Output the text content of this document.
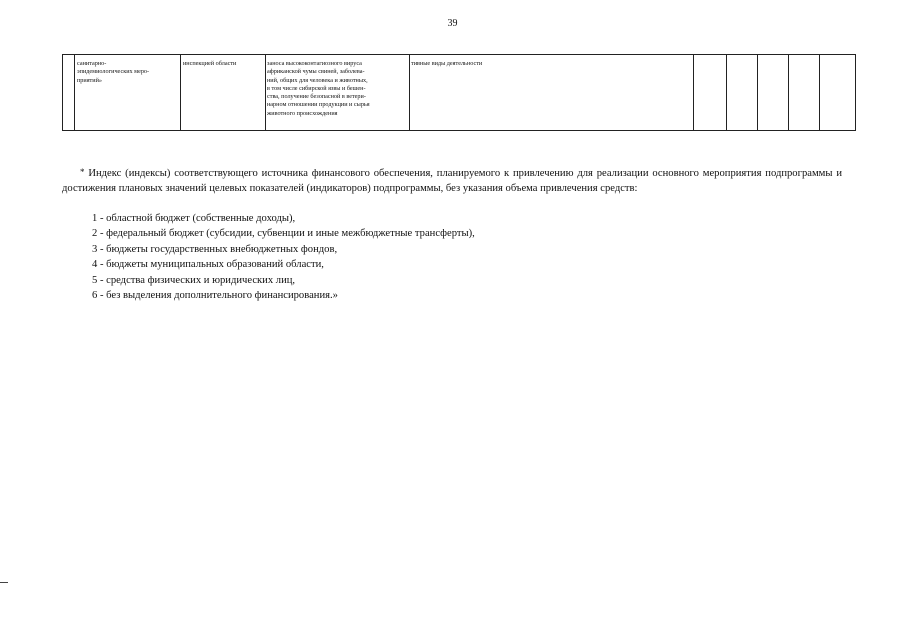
39
санитарно-
эпидемиологических меро-
приятий»
инспекцией области	заноса высококонтагиозного вируса
африканской чумы свиней, заболева-
ний, общих для человека и животных,
в том числе сибирской язвы и бешен-
ства, получение безопасной в ветери-
нарном отношении продукции и сырья
животного происхождения
тивные виды деятельности

* Индекс (индексы) соответствующего источника финансового обеспечения, планируемого к привлечению для реализации основного мероприятия подпрограммы и достижения плановых значений целевых показателей (индикаторов) подпрограммы, без указания объема привлечения средств:

1 - областной бюджет (собственные доходы),
2 - федеральный бюджет (субсидии, субвенции и иные межбюджетные трансферты),
3 - бюджеты государственных внебюджетных фондов,
4 - бюджеты муниципальных образований области,
5 - средства физических и юридических лиц,
6 - без выделения дополнительного финансирования.»
